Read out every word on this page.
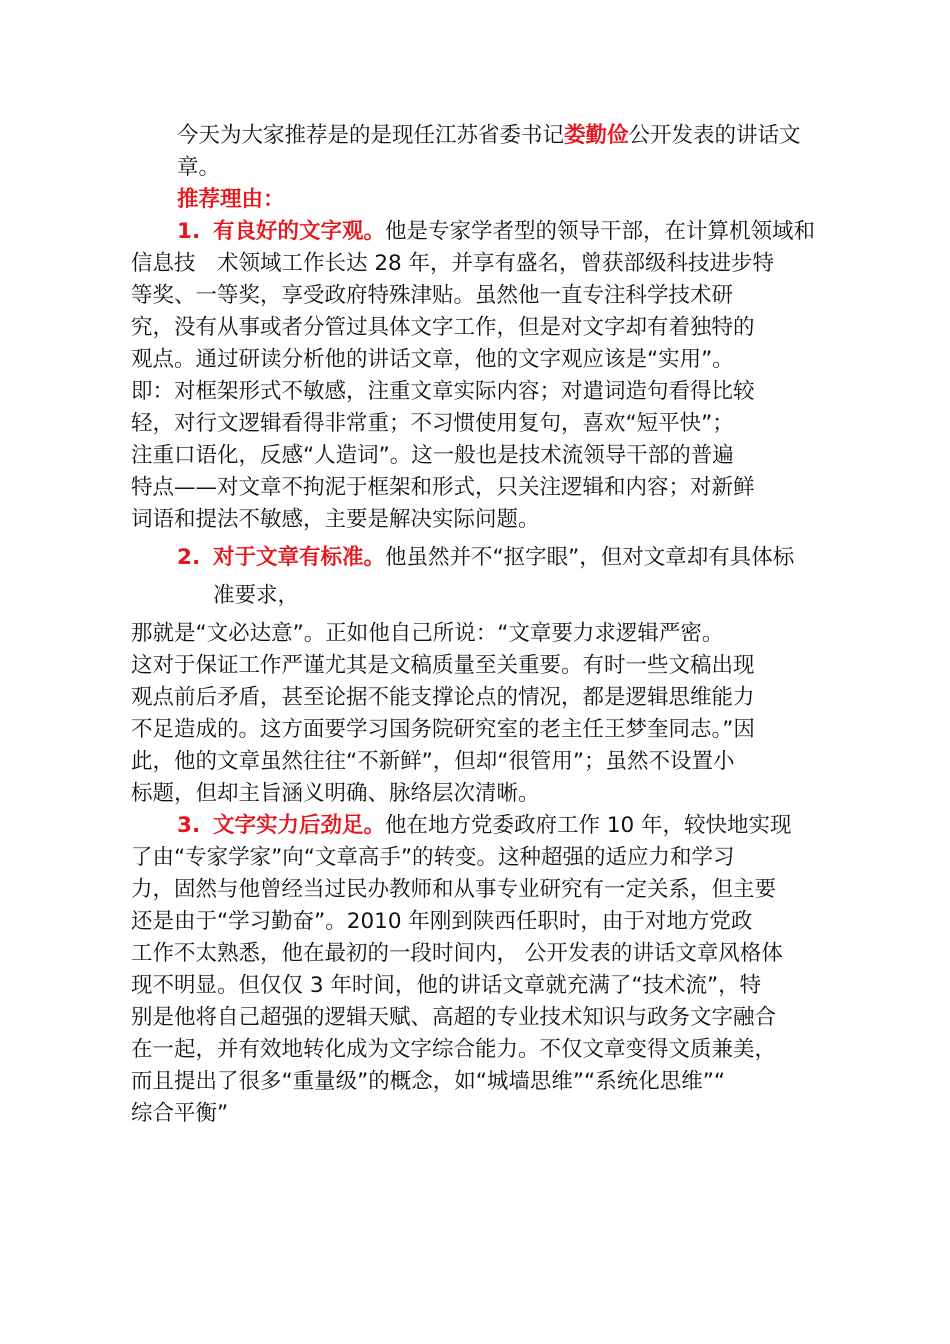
今天为大家推荐是的是现任江苏省委书记娄勤俭公开发表的讲话文
章。
推荐理由：
1. 有良好的文字观。他是专家学者型的领导干部，在计算机领域和
信息技　术领域工作长达 28 年，并享有盛名，曾获部级科技进步特
等奖、一等奖，享受政府特殊津贴。虽然他一直专注科学技术研
究，没有从事或者分管过具体文字工作，但是对文字却有着独特的
观点。通过研读分析他的讲话文章，他的文字观应该是“实用”。
即：对框架形式不敏感，注重文章实际内容；对遣词造句看得比较
轻，对行文逻辑看得非常重；不习惯使用复句，喜欢“短平快”；
注重口语化，反感“人造词”。这一般也是技术流领导干部的普遍
特点——对文章不拘泥于框架和形式，只关注逻辑和内容；对新鲜
词语和提法不敏感，主要是解决实际问题。
2. 对于文章有标准。他虽然并不“抠字眼”，但对文章却有具体标
准要求，
那就是“文必达意”。正如他自己所说：“文章要力求逻辑严密。
这对于保证工作严谨尤其是文稿质量至关重要。有时一些文稿出现
观点前后矛盾，甚至论据不能支撑论点的情况，都是逻辑思维能力
不足造成的。这方面要学习国务院研究室的老主任王梦奎同志。”因
此，他的文章虽然往往“不新鲜”，但却“很管用”；虽然不设置小
标题，但却主旨涵义明确、脉络层次清晰。
3. 文字实力后劲足。他在地方党委政府工作 10 年，较快地实现
了由“专家学家”向“文章高手”的转变。这种超强的适应力和学习
力，固然与他曾经当过民办教师和从事专业研究有一定关系，但主要
还是由于“学习勤奋”。2010 年刚到陕西任职时，由于对地方党政
工作不太熟悉，他在最初的一段时间内， 公开发表的讲话文章风格体
现不明显。但仅仅 3 年时间，他的讲话文章就充满了“技术流”，特
别是他将自己超强的逻辑天赋、高超的专业技术知识与政务文字融合
在一起，并有效地转化成为文字综合能力。不仅文章变得文质兼美，
而且提出了很多“重量级”的概念，如“城墙思维”“系统化思维”“
综合平衡”
